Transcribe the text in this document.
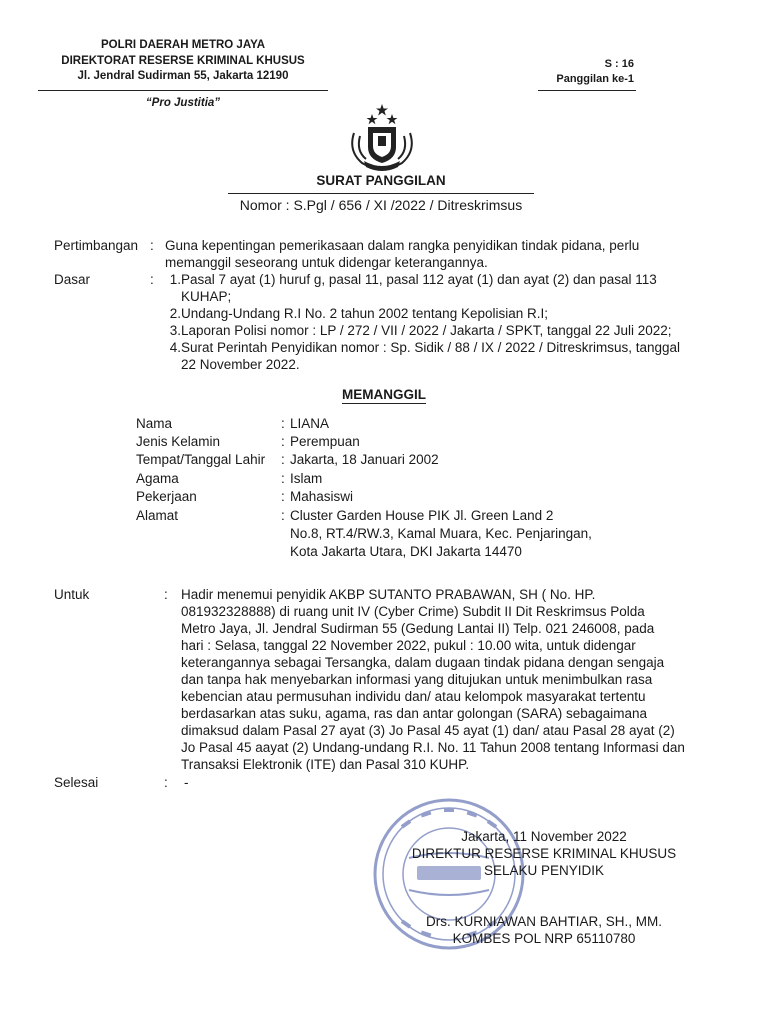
POLRI DAERAH METRO JAYA
DIREKTORAT RESERSE KRIMINAL KHUSUS
Jl. Jendral Sudirman 55, Jakarta 12190
“Pro Justitia”
S : 16
Panggilan ke-1
SURAT PANGGILAN
Nomor : S.Pgl / 656 / XI /2022 / Ditreskrimsus
Pertimbangan : Guna kepentingan pemerikasaan dalam rangka penyidikan tindak pidana, perlu
memanggil seseorang untuk didengar keterangannya.
Dasar	:	1. Pasal 7 ayat (1) huruf g, pasal 11, pasal 112 ayat (1) dan ayat (2) dan pasal 113
KUHAP;
2. Undang-Undang R.I No. 2 tahun 2002 tentang Kepolisian R.I;
3. Laporan Polisi nomor : LP / 272 / VII / 2022 / Jakarta / SPKT, tanggal 22 Juli 2022;
4. Surat Perintah Penyidikan nomor : Sp. Sidik / 88 / IX / 2022 / Ditreskrimsus, tanggal
22 November 2022.
MEMANGGIL
Nama	: LIANA
Jenis Kelamin	: Perempuan
Tempat/Tanggal Lahir : Jakarta, 18 Januari 2002
Agama	: Islam
Pekerjaan	: Mahasiswi
Alamat	: Cluster Garden House PIK Jl. Green Land 2
No.8, RT.4/RW.3, Kamal Muara, Kec. Penjaringan,
Kota Jakarta Utara, DKI Jakarta 14470
Untuk	: Hadir menemui penyidik AKBP SUTANTO PRABAWAN, SH ( No. HP.
081932328888) di ruang unit IV (Cyber Crime) Subdit II Dit Reskrimsus Polda
Metro Jaya, Jl. Jendral Sudirman 55 (Gedung Lantai II) Telp. 021 246008, pada
hari : Selasa, tanggal 22 November 2022, pukul : 10.00 wita, untuk didengar
keterangannya sebagai Tersangka, dalam dugaan tindak pidana dengan sengaja
dan tanpa hak menyebarkan informasi yang ditujukan untuk menimbulkan rasa
kebencian atau permusuhan individu dan/ atau kelompok masyarakat tertentu
berdasarkan atas suku, agama, ras dan antar golongan (SARA) sebagaimana
dimaksud dalam Pasal 27 ayat (3) Jo Pasal 45 ayat (1) dan/ atau Pasal 28 ayat (2)
Jo Pasal 45 aayat (2) Undang-undang R.I. No. 11 Tahun 2008 tentang Informasi dan
Transaksi Elektronik (ITE) dan Pasal 310 KUHP.
Selesai	: -
Jakarta, 11 November 2022
DIREKTUR RESERSE KRIMINAL KHUSUS
SELAKU PENYIDIK
Drs. KURNIAWAN BAHTIAR, SH., MM.
KOMBES POL NRP 65110780
